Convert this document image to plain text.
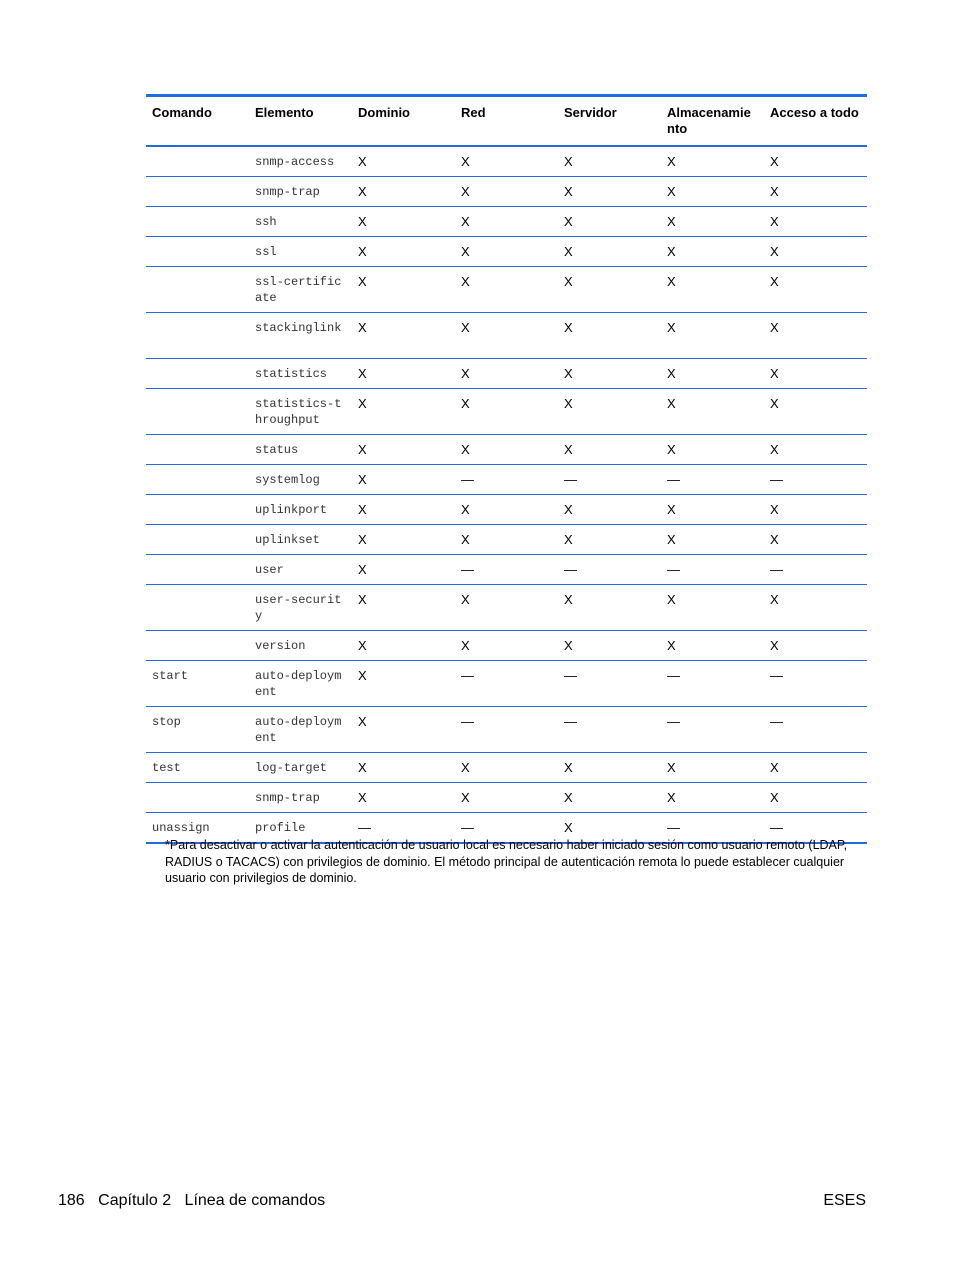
Comando	Elemento	Dominio	Red	Servidor	Almacenamie nto	Acceso a todo
	snmp-access	X	X	X	X	X
	snmp-trap	X	X	X	X	X
	ssh	X	X	X	X	X
	ssl	X	X	X	X	X
	ssl-certificate	X	X	X	X	X
	stackinglink	X	X	X	X	X
	statistics	X	X	X	X	X
	statistics-throughput	X	X	X	X	X
	status	X	X	X	X	X
	systemlog	X	—	—	—	—
	uplinkport	X	X	X	X	X
	uplinkset	X	X	X	X	X
	user	X	—	—	—	—
	user-security	X	X	X	X	X
	version	X	X	X	X	X
start	auto-deployment	X	—	—	—	—
stop	auto-deployment	X	—	—	—	—
test	log-target	X	X	X	X	X
	snmp-trap	X	X	X	X	X
unassign	profile	—	—	X	—	—
*Para desactivar o activar la autenticación de usuario local es necesario haber iniciado sesión como usuario remoto (LDAP, RADIUS o TACACS) con privilegios de dominio. El método principal de autenticación remota lo puede establecer cualquier usuario con privilegios de dominio.
186 Capítulo 2 Línea de comandos	ESES
